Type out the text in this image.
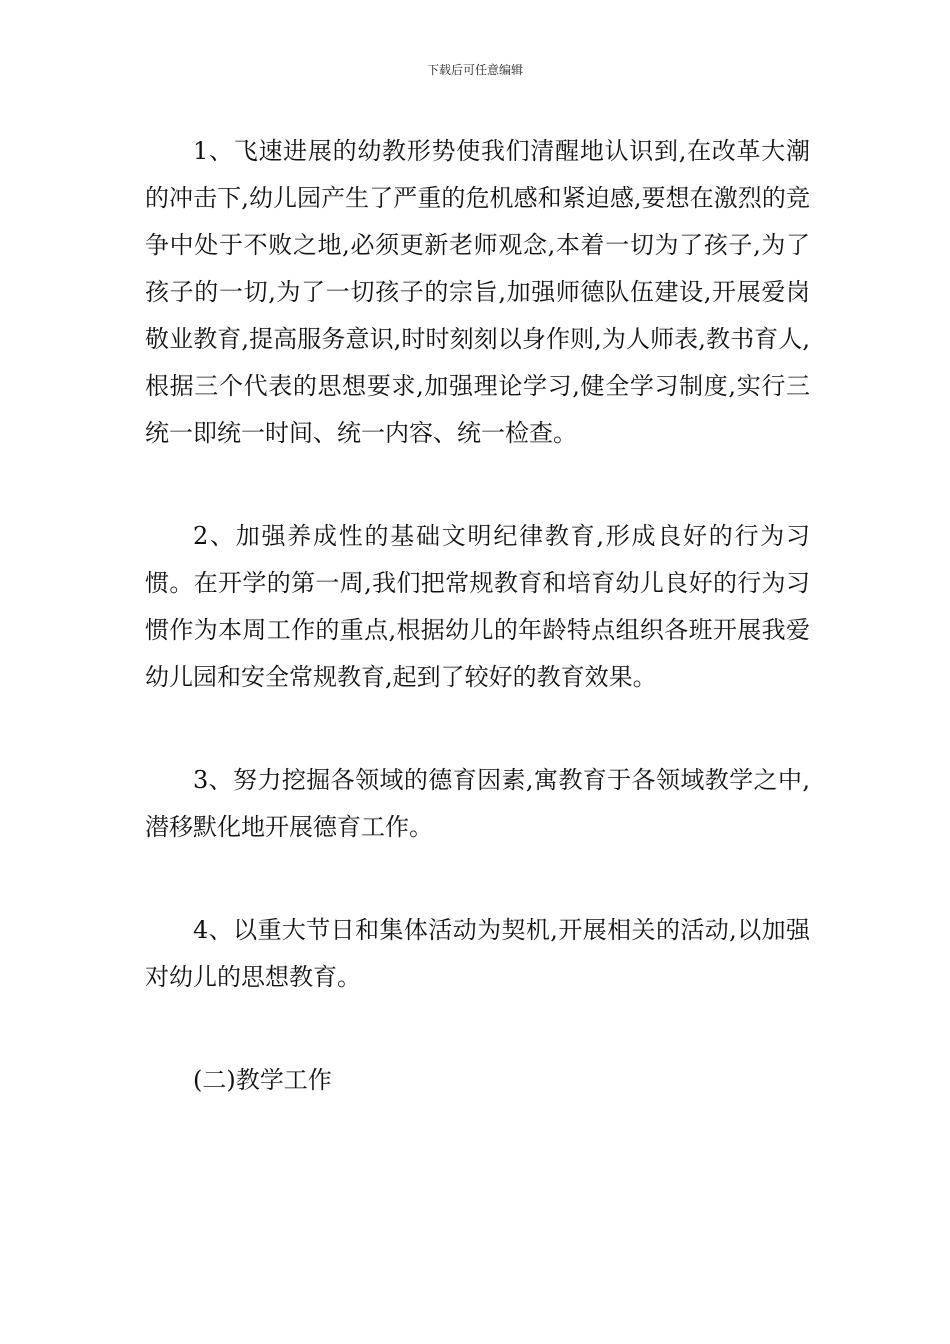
下载后可任意编辑

1、飞速进展的幼教形势使我们清醒地认识到,在改革大潮的冲击下,幼儿园产生了严重的危机感和紧迫感,要想在激烈的竞争中处于不败之地,必须更新老师观念,本着一切为了孩子,为了孩子的一切,为了一切孩子的宗旨,加强师德队伍建设,开展爱岗敬业教育,提高服务意识,时时刻刻以身作则,为人师表,教书育人,根据三个代表的思想要求,加强理论学习,健全学习制度,实行三统一即统一时间、统一内容、统一检查。

2、加强养成性的基础文明纪律教育,形成良好的行为习惯。在开学的第一周,我们把常规教育和培育幼儿良好的行为习惯作为本周工作的重点,根据幼儿的年龄特点组织各班开展我爱幼儿园和安全常规教育,起到了较好的教育效果。

3、努力挖掘各领域的德育因素,寓教育于各领域教学之中,潜移默化地开展德育工作。

4、以重大节日和集体活动为契机,开展相关的活动,以加强对幼儿的思想教育。

(二)教学工作
